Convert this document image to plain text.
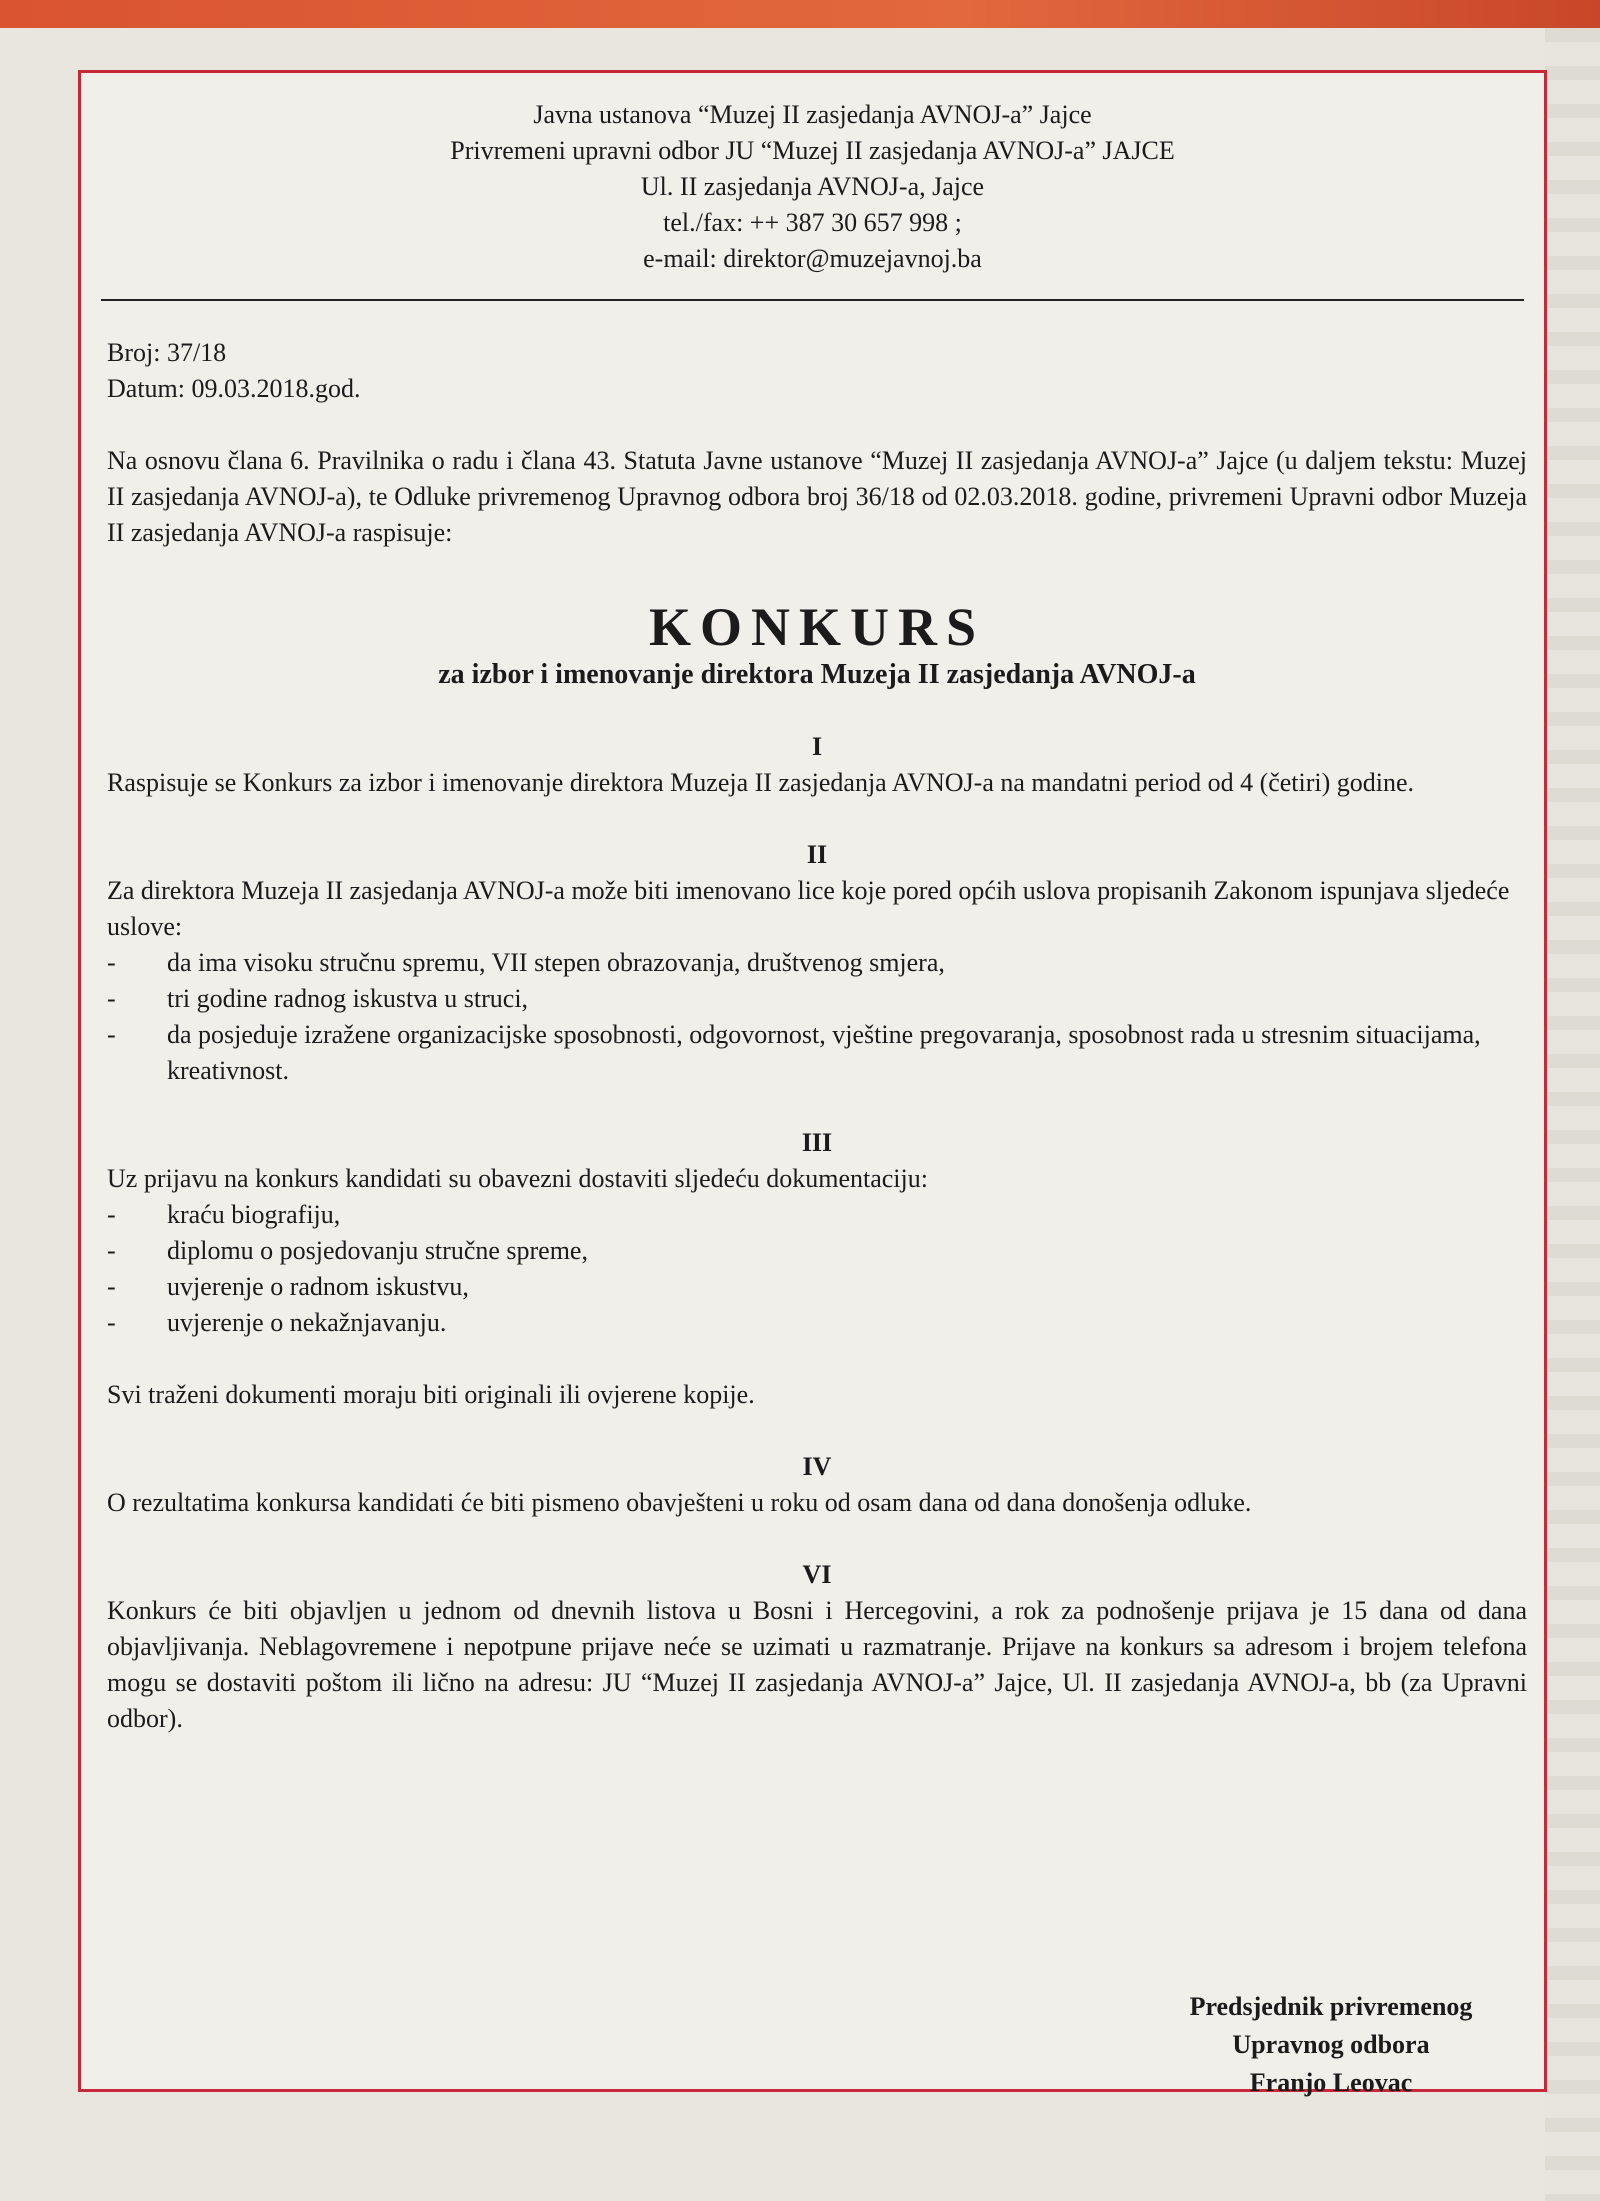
Javna ustanova “Muzej II zasjedanja AVNOJ-a” Jajce
Privremeni upravni odbor JU “Muzej II zasjedanja AVNOJ-a” JAJCE
Ul. II zasjedanja AVNOJ-a, Jajce
tel./fax: ++ 387 30 657 998 ;
e-mail: direktor@muzejavnoj.ba

Broj: 37/18

Datum: 09.03.2018.god.

Na osnovu člana 6. Pravilnika o radu i člana 43. Statuta Javne ustanove “Muzej II zasjedanja AVNOJ-a” Jajce (u daljem tekstu: Muzej II zasjedanja AVNOJ-a), te Odluke privremenog Upravnog odbora broj 36/18 od 02.03.2018. godine, privremeni Upravni odbor Muzeja II zasjedanja AVNOJ-a raspisuje:

KONKURS
za izbor i imenovanje direktora Muzeja II zasjedanja AVNOJ-a
I

Raspisuje se Konkurs za izbor i imenovanje direktora Muzeja II zasjedanja AVNOJ-a na mandatni period od 4 (četiri) godine.

II

Za direktora Muzeja II zasjedanja AVNOJ-a može biti imenovano lice koje pored općih uslova propisanih Zakonom ispunjava sljedeće uslove:

-	da ima visoku stručnu spremu, VII stepen obrazovanja, društvenog smjera,
-	tri godine radnog iskustva u struci,
-	da posjeduje izražene organizacijske sposobnosti, odgovornost, vještine pregovaranja, sposobnost rada u stresnim situacijama, kreativnost.
III

Uz prijavu na konkurs kandidati su obavezni dostaviti sljedeću dokumentaciju:

-	kraću biografiju,
-	diplomu o posjedovanju stručne spreme,
-	uvjerenje o radnom iskustvu,
-	uvjerenje o nekažnjavanju.

Svi traženi dokumenti moraju biti originali ili ovjerene kopije.

IV

O rezultatima konkursa kandidati će biti pismeno obavješteni u roku od osam dana od dana donošenja odluke.

VI

Konkurs će biti objavljen u jednom od dnevnih listova u Bosni i Hercegovini, a rok za podnošenje prijava je 15 dana od dana objavljivanja. Neblagovremene i nepotpune prijave neće se uzimati u razmatranje. Prijave na konkurs sa adresom i brojem telefona mogu se dostaviti poštom ili lično na adresu: JU “Muzej II zasjedanja AVNOJ-a” Jajce, Ul. II zasjedanja AVNOJ-a, bb (za Upravni odbor).

Predsjednik privremenog
Upravnog odbora
Franjo Leovac
